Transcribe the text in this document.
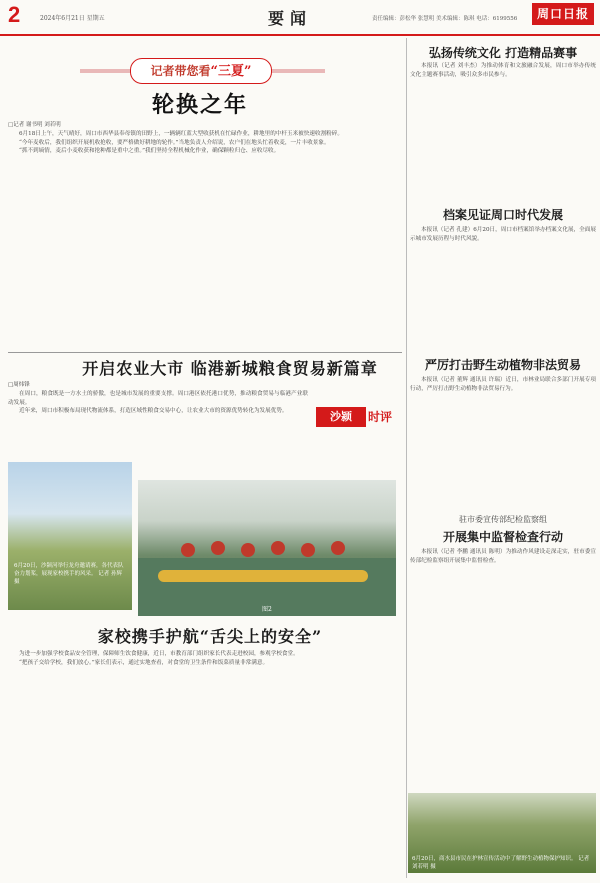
2	2024年6月21日 星期五	要闻	责任编辑：彭松华 张慧明 美术编辑：陈琪 电话：6199556	周口日报
记者带您看“三夏”
轮换之年
□记者 谢书明 刘若明

6月18日上午，天气晴好，周口市西华县奉母镇的田野上，一辆辆红蓝大型收获机在忙碌作业，耕地里的中杆玉米被快速收割粉碎。

“今年麦收后，我们组织开展机收抢收，要严格做好耕地的轮作。”当地负责人介绍说，农户们在地头忙着收麦，一片丰收景象。

“抓不到墒情，麦后小麦收获和抢种都是重中之重。”我们坚持全程机械化作业，确保颗粒归仓、应收尽收。

开启农业大市 临港新城粮食贸易新篇章
□周炜锋

在周口，粮食既是一方水土的骄傲，也是城市发展的重要支撑。周口港区依托港口优势，推动粮食贸易与临港产业联动发展。

近年来，周口市积极布局现代物流体系，打造区域性粮食交易中心，让农业大市的资源优势转化为发展优势。	沙颍	时评
6月20日，沙颍河举行龙舟邀请赛，各代表队奋力划桨，展现家校携手的风采。 记者 孙辉 摄
图2
家校携手护航“舌尖上的安全”

为进一步加强学校食品安全管理，保障师生饮食健康，近日，市教育部门组织家长代表走进校园，参观学校食堂。

“把孩子交给学校，我们放心。”家长们表示，通过实地查看，对食堂的卫生条件和饭菜质量非常满意。

弘扬传统文化 打造精品赛事

本报讯（记者 刘丰杰）为推动体育和文旅融合发展，周口市举办传统文化主题赛事活动，吸引众多市民参与。

档案见证周口时代发展

本报讯（记者 孔建）6月20日，周口市档案馆举办档案文化展，全面展示城市发展历程与时代风貌。

严厉打击野生动植物非法贸易

本报讯（记者 董辉 通讯员 许瑞）近日，市林业局联合多部门开展专项行动，严厉打击野生动植物非法贸易行为。

驻市委宣传部纪检监察组
开展集中监督检查行动

本报讯（记者 李鹏 通讯员 陈明）为推动作风建设走深走实，驻市委宣传部纪检监察组开展集中监督检查。

6月20日，商水县市民在护林宣传活动中了解野生动植物保护知识。 记者 刘若明 摄
